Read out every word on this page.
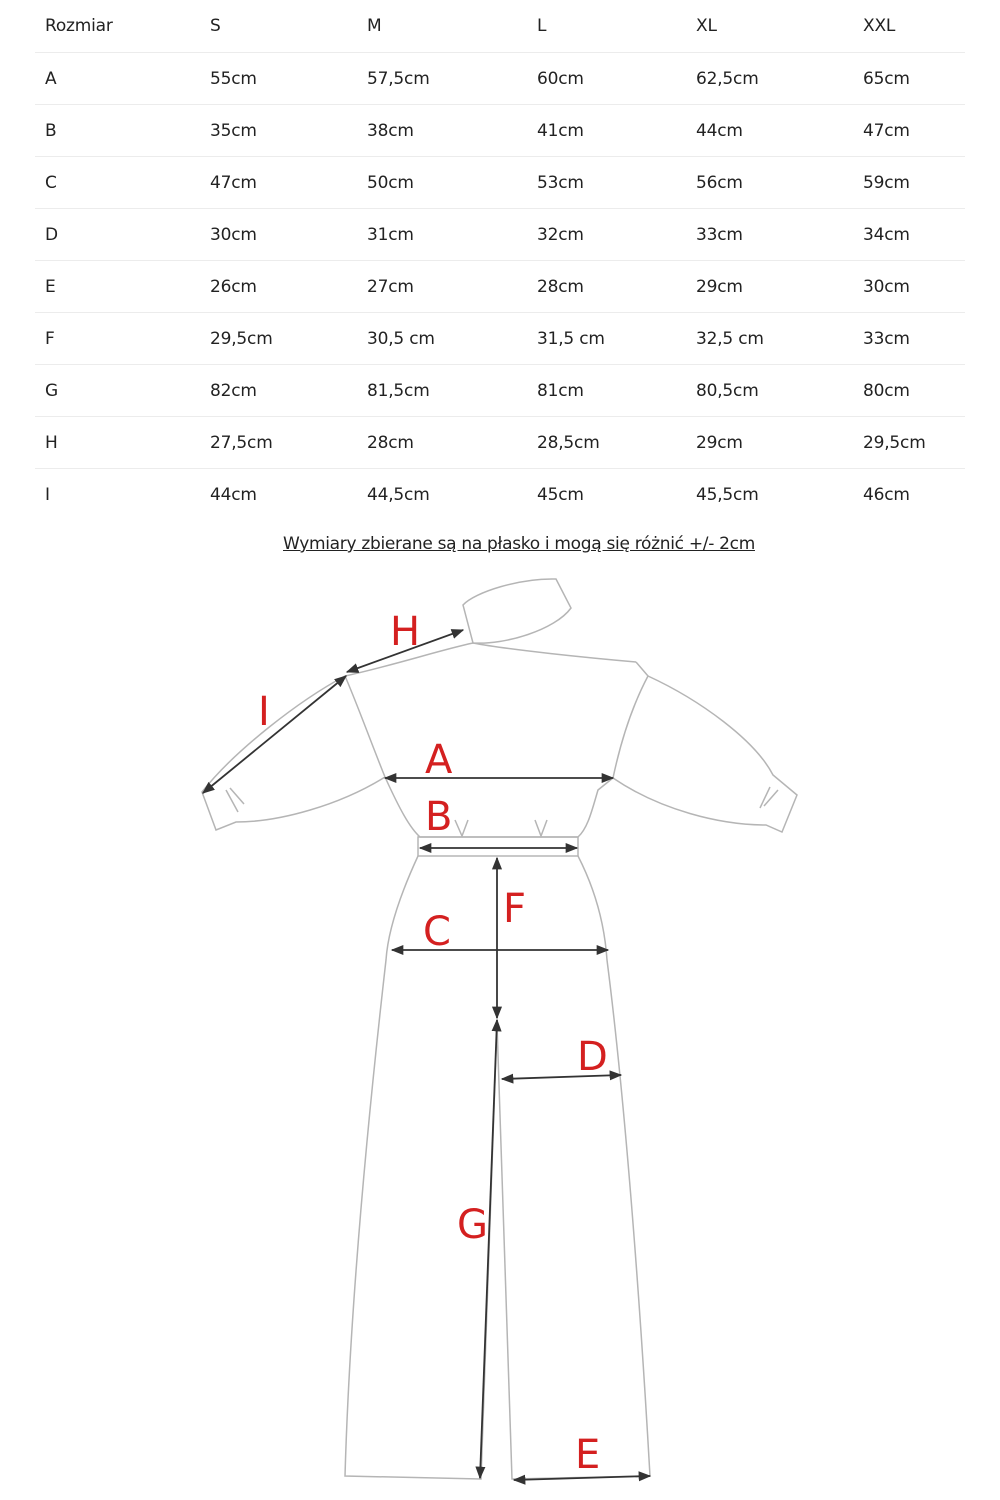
Rozmiar	S	M	L	XL	XXL
A	55cm	57,5cm	60cm	62,5cm	65cm
B	35cm	38cm	41cm	44cm	47cm
C	47cm	50cm	53cm	56cm	59cm
D	30cm	31cm	32cm	33cm	34cm
E	26cm	27cm	28cm	29cm	30cm
F	29,5cm	30,5 cm	31,5 cm	32,5 cm	33cm
G	82cm	81,5cm	81cm	80,5cm	80cm
H	27,5cm	28cm	28,5cm	29cm	29,5cm
I	44cm	44,5cm	45cm	45,5cm	46cm
Wymiary zbierane są na płasko i mogą się różnić +/- 2cm
A
B
C
D
E
F
G
H
I
